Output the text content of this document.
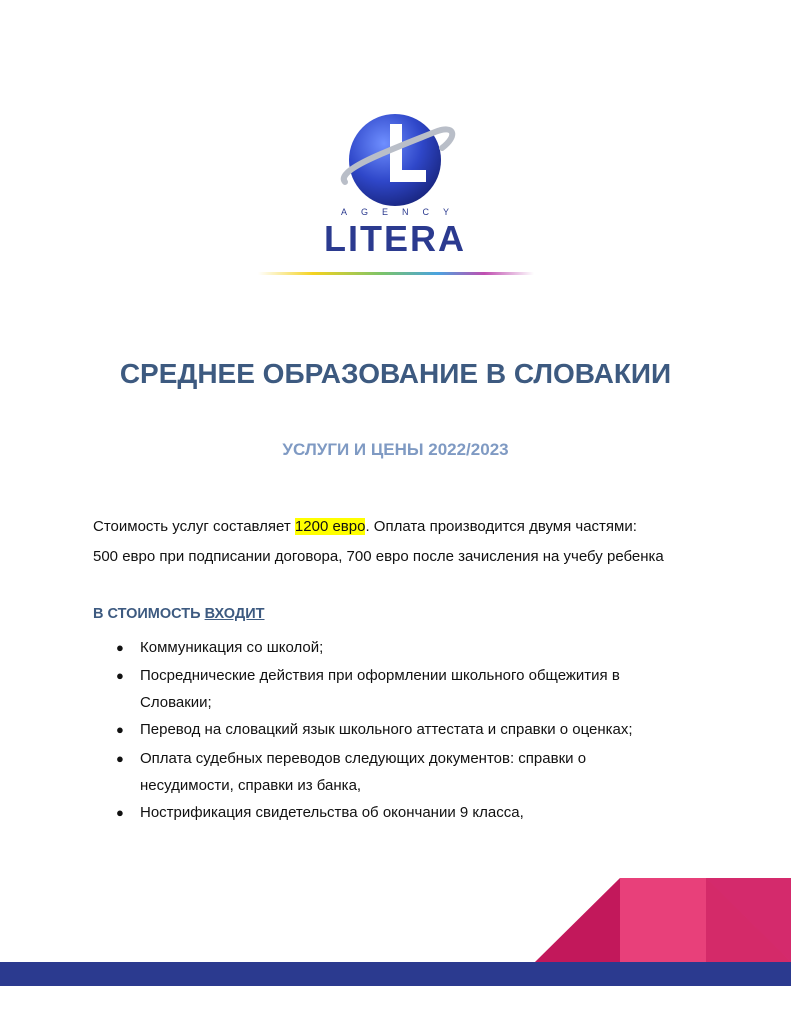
AGENCY
LITERA
СРЕДНЕЕ ОБРАЗОВАНИЕ В СЛОВАКИИ
УСЛУГИ И ЦЕНЫ 2022/2023

Стоимость услуг составляет 1200 евро. Оплата производится двумя частями:

500 евро при подписании договора, 700 евро после зачисления на учебу ребенка

В СТОИМОСТЬ ВХОДИТ
● Коммуникация со школой;
● Посреднические действия при оформлении школьного общежития в Словакии;
● Перевод на словацкий язык школьного аттестата и справки о оценках;
● Оплата судебных переводов следующих документов: справки о несудимости, справки из банка,
● Нострификация свидетельства об окончании 9 класса,
